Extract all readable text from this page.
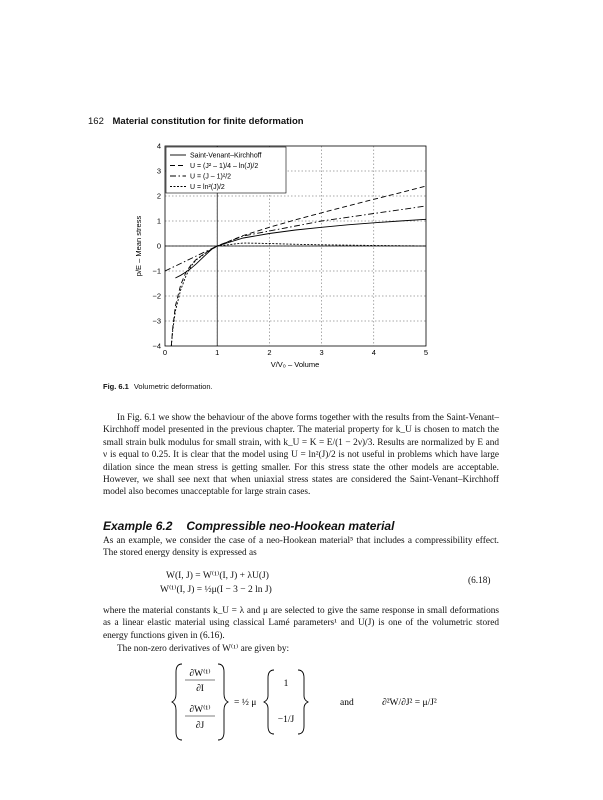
162 Material constitution for finite deformation
0	1	2	3	4	5
−4
−3
−2
−1
0
1
2
3
4
V/V₀ – Volume
p/E – Mean stress
Saint-Venant–Kirchhoff
U = (J² – 1)/4 – ln(J)/2
U = (J – 1)²/2
U = ln²(J)/2
Fig. 6.1 Volumetric deformation.

In Fig. 6.1 we show the behaviour of the above forms together with the results from the Saint-Venant–Kirchhoff model presented in the previous chapter. The material property for k_U is chosen to match the small strain bulk modulus for small strain, with k_U = K = E/(1 − 2ν)/3. Results are normalized by E and ν is equal to 0.25. It is clear that the model using U = ln²(J)/2 is not useful in problems which have large dilation since the mean stress is getting smaller. For this stress state the other models are acceptable. However, we shall see next that when uniaxial stress states are considered the Saint-Venant–Kirchhoff model also becomes unacceptable for large strain cases.

Example 6.2 Compressible neo-Hookean material

As an example, we consider the case of a neo-Hookean material⁵ that includes a compressibility effect. The stored energy density is expressed as

W(I, J) = W⁽¹⁾(I, J) + λU(J)
W⁽¹⁾(I, J) = ½μ(I − 3 − 2 ln J)
(6.18)

where the material constants k_U = λ and μ are selected to give the same response in small deformations as a linear elastic material using classical Lamé parameters¹ and U(J) is one of the volumetric stored energy functions given in (6.16).

The non-zero derivatives of W⁽¹⁾ are given by:

∂W⁽¹⁾
∂I
∂W⁽¹⁾
∂J
= ½ μ
1
−1/J
and	∂²W/∂J² = μ/J²
